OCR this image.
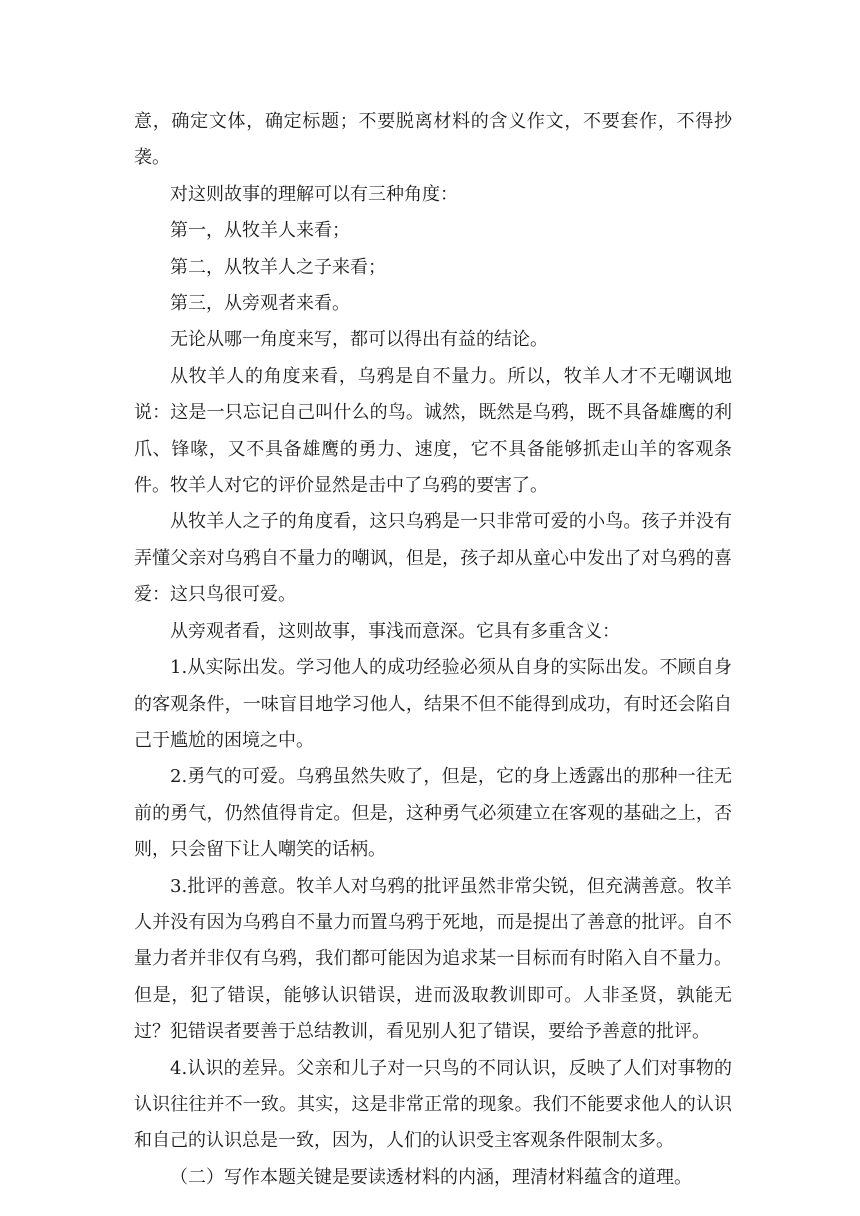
意，确定文体，确定标题；不要脱离材料的含义作文，不要套作，不得抄袭。

对这则故事的理解可以有三种角度：

第一，从牧羊人来看；

第二，从牧羊人之子来看；

第三，从旁观者来看。

无论从哪一角度来写，都可以得出有益的结论。

从牧羊人的角度来看，乌鸦是自不量力。所以，牧羊人才不无嘲讽地说：这是一只忘记自己叫什么的鸟。诚然，既然是乌鸦，既不具备雄鹰的利爪、锋喙，又不具备雄鹰的勇力、速度，它不具备能够抓走山羊的客观条件。牧羊人对它的评价显然是击中了乌鸦的要害了。

从牧羊人之子的角度看，这只乌鸦是一只非常可爱的小鸟。孩子并没有弄懂父亲对乌鸦自不量力的嘲讽，但是，孩子却从童心中发出了对乌鸦的喜爱：这只鸟很可爱。

从旁观者看，这则故事，事浅而意深。它具有多重含义：

1.从实际出发。学习他人的成功经验必须从自身的实际出发。不顾自身的客观条件，一味盲目地学习他人，结果不但不能得到成功，有时还会陷自己于尴尬的困境之中。

2.勇气的可爱。乌鸦虽然失败了，但是，它的身上透露出的那种一往无前的勇气，仍然值得肯定。但是，这种勇气必须建立在客观的基础之上，否则，只会留下让人嘲笑的话柄。

3.批评的善意。牧羊人对乌鸦的批评虽然非常尖锐，但充满善意。牧羊人并没有因为乌鸦自不量力而置乌鸦于死地，而是提出了善意的批评。自不量力者并非仅有乌鸦，我们都可能因为追求某一目标而有时陷入自不量力。但是，犯了错误，能够认识错误，进而汲取教训即可。人非圣贤，孰能无过？犯错误者要善于总结教训，看见别人犯了错误，要给予善意的批评。

4.认识的差异。父亲和儿子对一只鸟的不同认识，反映了人们对事物的认识往往并不一致。其实，这是非常正常的现象。我们不能要求他人的认识和自己的认识总是一致，因为，人们的认识受主客观条件限制太多。

（二）写作本题关键是要读透材料的内涵，理清材料蕴含的道理。
